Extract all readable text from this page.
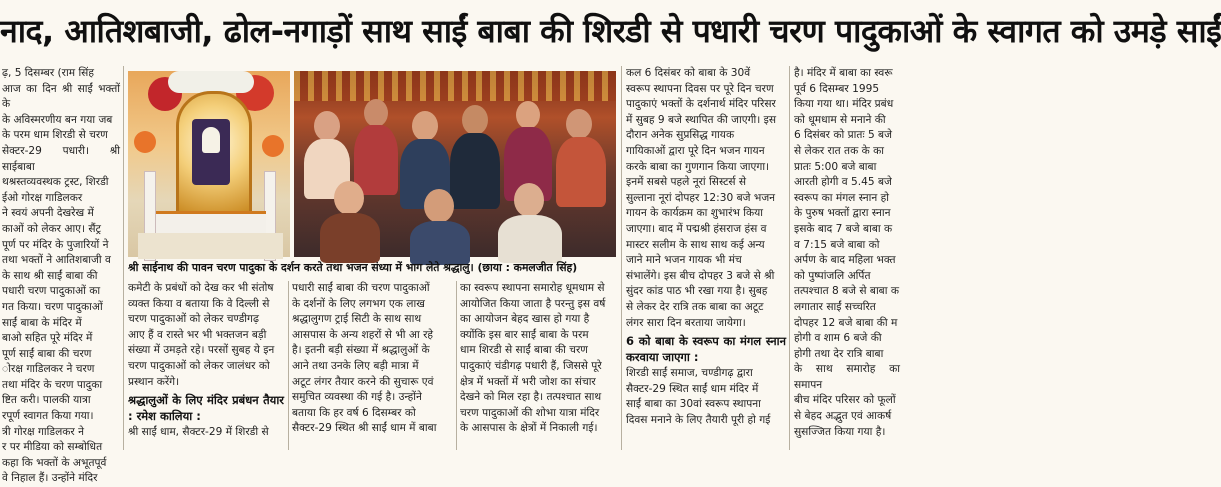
नाद, आतिशबाजी, ढोल-नगाड़ों साथ साईं बाबा की शिरडी से पधारी चरण पादुकाओं के स्वागत को उमड़े साईं

ढ़, 5 दिसम्बर (राम सिंह

आज का दिन श्री साईं भक्तों के

के अविस्मरणीय बन गया जब

के परम धाम शिरडी से चरण

सेक्टर-29 पधारी। श्री साईबाबा

थश्रस्तव्यवस्थक ट्रस्ट, शिरडी

ईओ गोरक्ष गाडिलकर

ने स्वयं अपनी देखरेख में

काओं को लेकर आए। सैंट्र

पूर्ण पर मंदिर के पुजारियों ने

तथा भक्तों ने आतिशबाजी व

के साथ श्री साईं बाबा की

पधारी चरण पादुकाओं का

गत किया। चरण पादुकाओं

साईं बाबा के मंदिर में

बाओ सहित पूरे मंदिर में

पूर्ण साईं बाबा की चरण

ोरक्ष गाडिलकर ने चरण

तथा मंदिर के चरण पादुका

ष्टित करी। पालकी यात्रा

रपूर्ण स्वागत किया गया।

त्री गोरक्ष गाडिलकर ने

र पर मीडिया को सम्बोधित

कहा कि भक्तों के अभूतपूर्व

वे निहाल हैं। उन्होंने मंदिर

श्री साईनाथ की पावन चरण पादुका के दर्शन करते तथा भजन संध्या में भाग लेते श्रद्धालु। (छाया : कमलजीत सिंह)

कमेटी के प्रबंधों को देख कर भी संतोष

व्यक्त किया व बताया कि वे दिल्ली से

चरण पादुकाओं को लेकर चण्डीगढ़

आए हैं व रास्ते भर भी भक्तजन बड़ी

संख्या में उमड़ते रहे। परसों सुबह ये इन

चरण पादुकाओं को लेकर जालंधर को

प्रस्थान करेंगे।

श्रद्धालुओं के लिए मंदिर प्रबंधन तैयार : रमेश कालिया :

श्री साईं धाम, सैक्टर-29 में शिरडी से

पधारी साईं बाबा की चरण पादुकाओं

के दर्शनों के लिए लगभग एक लाख

श्रद्धालुगण ट्राई सिटी के साथ साथ

आसपास के अन्य शहरों से भी आ रहे

है। इतनी बड़ी संख्या में श्रद्धालुओं के

आने तथा उनके लिए बड़ी मात्रा में

अटूट लंगर तैयार करने की सुचारू एवं

समुचित व्यवस्था की गई है। उन्होंने

बताया कि हर वर्ष 6 दिसम्बर को

सैक्टर-29 स्थित श्री साईं धाम में बाबा

का स्वरूप स्थापना समारोह धूमधाम से

आयोजित किया जाता है परन्तु इस वर्ष

का आयोजन बेहद खास हो गया है

क्योंकि इस बार साईं बाबा के परम

धाम शिरडी से साईं बाबा की चरण

पादुकाएं चंडीगढ़ पधारी हैं, जिससे पूरे

क्षेत्र में भक्तों में भरी जोश का संचार

देखने को मिल रहा है। तत्पश्चात साथ

चरण पादुकाओं की शोभा यात्रा मंदिर

के आसपास के क्षेत्रों में निकाली गई।

कल 6 दिसंबर को बाबा के 30वें

स्वरूप स्थापना दिवस पर पूरे दिन चरण

पादुकाएं भक्तों के दर्शनार्थ मंदिर परिसर

में सुबह 9 बजे स्थापित की जाएगी। इस

दौरान अनेक सुप्रसिद्ध गायक

गायिकाओं द्वारा पूरे दिन भजन गायन

करके बाबा का गुणगान किया जाएगा।

इनमें सबसे पहले नूरां सिस्टर्स से

सुल्ताना नूरां दोपहर 12:30 बजे भजन

गायन के कार्यक्रम का शुभारंभ किया

जाएगा। बाद में पद्मश्री हंसराज हंस व

मास्टर सलीम के साथ साथ कई अन्य

जाने माने भजन गायक भी मंच

संभालेंगे। इस बीच दोपहर 3 बजे से श्री

सुंदर कांड पाठ भी रखा गया है। सुबह

से लेकर देर रात्रि तक बाबा का अटूट

लंगर सारा दिन बरताया जायेगा।

6 को बाबा के स्वरूप का मंगल स्नान करवाया जाएगा :

शिरडी साईं समाज, चण्डीगढ़ द्वारा

सैक्टर-29 स्थित साईं धाम मंदिर में

साईं बाबा का 30वां स्वरूप स्थापना

दिवस मनाने के लिए तैयारी पूरी हो गई

है। मंदिर में बाबा का स्वरू

पूर्व 6 दिसम्बर 1995

किया गया था। मंदिर प्रबंध

को धूमधाम से मनाने की

6 दिसंबर को प्रातः 5 बजे

से लेकर रात तक के का

प्रातः 5:00 बजे बाबा

आरती होगी व 5.45 बजे

स्वरूप का मंगल स्नान हो

के पुरुष भक्तों द्वारा स्नान

इसके बाद 7 बजे बाबा क

व 7:15 बजे बाबा को

अर्पण के बाद महिला भक्त

को पुष्पांजलि अर्पित

तत्पश्चात 8 बजे से बाबा क

लगातार साईं सच्चरित

दोपहर 12 बजे बाबा की म

होगी व शाम 6 बजे की

होगी तथा देर रात्रि बाबा

के साथ समारोह का समापन

बीच मंदिर परिसर को फूलों

से बेहद अद्भुत एवं आकर्ष

सुसज्जित किया गया है।
